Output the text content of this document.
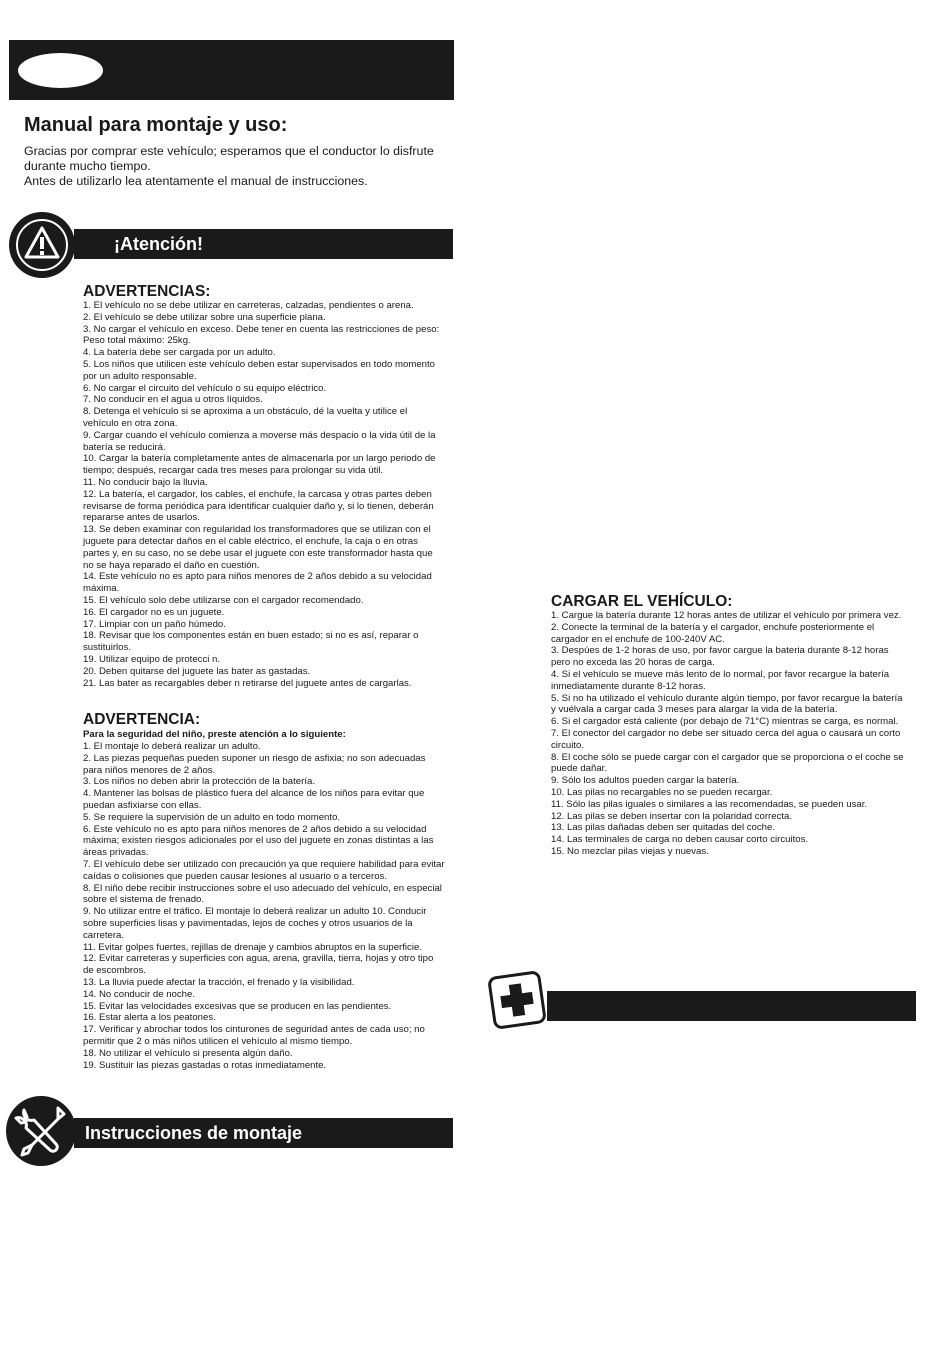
Manual para montaje y uso:

Gracias por comprar este vehículo; esperamos que el conductor lo disfrute durante mucho tiempo.

Antes de utilizarlo lea atentamente el manual de instrucciones.

¡Atención!
ADVERTENCIAS:
1. El vehículo no se debe utilizar en carreteras, calzadas, pendientes o arena.
2. El vehículo se debe utilizar sobre una superficie plana.
3. No cargar el vehículo en exceso. Debe tener en cuenta las restricciones de peso: Peso total máximo: 25kg.
4. La batería debe ser cargada por un adulto.
5. Los niños que utilicen este vehículo deben estar supervisados en todo momento por un adulto responsable.
6. No cargar el circuito del vehículo o su equipo eléctrico.
7. No conducir en el agua u otros líquidos.
8. Detenga el vehículo si se aproxima a un obstáculo, dé la vuelta y utilice el vehículo en otra zona.
9. Cargar cuando el vehículo comienza a moverse más despacio o la vida útil de la batería se reducirá.
10. Cargar la batería completamente antes de almacenarla por un largo periodo de tiempo; después, recargar cada tres meses para prolongar su vida útil.
11. No conducir bajo la lluvia.
12. La batería, el cargador, los cables, el enchufe, la carcasa y otras partes deben revisarse de forma periódica para identificar cualquier daño y, si lo tienen, deberán repararse antes de usarlos.
13. Se deben examinar con regularidad los transformadores que se utilizan con el juguete para detectar daños en el cable eléctrico, el enchufe, la caja o en otras partes y, en su caso, no se debe usar el juguete con este transformador hasta que no se haya reparado el daño en cuestión.
14. Este vehículo no es apto para niños menores de 2 años debido a su velocidad máxima.
15. El vehículo solo debe utilizarse con el cargador recomendado.
16. El cargador no es un juguete.
17. Limpiar con un paño húmedo.
18. Revisar que los componentes están en buen estado; si no es así, reparar o sustituirlos.
19. Utilizar equipo de protecci n.
20. Deben quitarse del juguete las bater as gastadas.
21. Las bater as recargables deber n retirarse del juguete antes de cargarlas.
ADVERTENCIA:

Para la seguridad del niño, preste atención a lo siguiente:

1. El montaje lo deberá realizar un adulto.
2. Las piezas pequeñas pueden suponer un riesgo de asfixia; no son adecuadas para niños menores de 2 años.
3. Los niños no deben abrir la protección de la batería.
4. Mantener las bolsas de plástico fuera del alcance de los niños para evitar que puedan asfixiarse con ellas.
5. Se requiere la supervisión de un adulto en todo momento.
6. Este vehículo no es apto para niños menores de 2 años debido a su velocidad máxima; existen riesgos adicionales por el uso del juguete en zonas distintas a las áreas privadas.
7. El vehículo debe ser utilizado con precaución ya que requiere habilidad para evitar caídas o colisiones que pueden causar lesiones al usuario o a terceros.
8. El niño debe recibir instrucciones sobre el uso adecuado del vehículo, en especial sobre el sistema de frenado.
9. No utilizar entre el tráfico. El montaje lo deberá realizar un adulto 10. Conducir sobre superficies lisas y pavimentadas, lejos de coches y otros usuarios de la carretera.
11. Evitar golpes fuertes, rejillas de drenaje y cambios abruptos en la superficie.
12. Evitar carreteras y superficies con agua, arena, gravilla, tierra, hojas y otro tipo de escombros.
13. La lluvia puede afectar la tracción, el frenado y la visibilidad.
14. No conducir de noche.
15. Evitar las velocidades excesivas que se producen en las pendientes.
16. Estar alerta a los peatones.
17. Verificar y abrochar todos los cinturones de seguridad antes de cada uso; no permitir que 2 o más niños utilicen el vehículo al mismo tiempo.
18. No utilizar el vehículo si presenta algún daño.
19. Sustituir las piezas gastadas o rotas inmediatamente.
Instrucciones de montaje
CARGAR EL VEHÍCULO:
1. Cargue la batería durante 12 horas antes de utilizar el vehículo por primera vez.
2. Conecte la terminal de la batería y el cargador, enchufe posteriormente el cargador en el enchufe de 100-240V AC.
3. Despúes de 1-2 horas de uso, por favor cargue la bateria durante 8-12 horas pero no exceda las 20 horas de carga.
4. Si el vehículo se mueve más lento de lo normal, por favor recargue la batería inmediatamente durante 8-12 horas.
5. Si no ha utilizado el vehículo durante algún tiempo, por favor recargue la batería y vuélvala a cargar cada 3 meses para alargar la vida de la batería.
6. Si el cargador está caliente (por debajo de 71°C) mientras se carga, es normal.
7. El conector del cargador no debe ser situado cerca del agua o causará un corto circuito.
8. El coche sólo se puede cargar con el cargador que se proporciona o el coche se puede dañar.
9. Sólo los adultos pueden cargar la batería.
10. Las pilas no recargables no se pueden recargar.
11. Sólo las pilas iguales o similares a las recomendadas, se pueden usar.
12. Las pilas se deben insertar con la polaridad correcta.
13. Las pilas dañadas deben ser quitadas del coche.
14. Las terminales de carga no deben causar corto circuitos.
15. No mezclar pilas viejas y nuevas.
